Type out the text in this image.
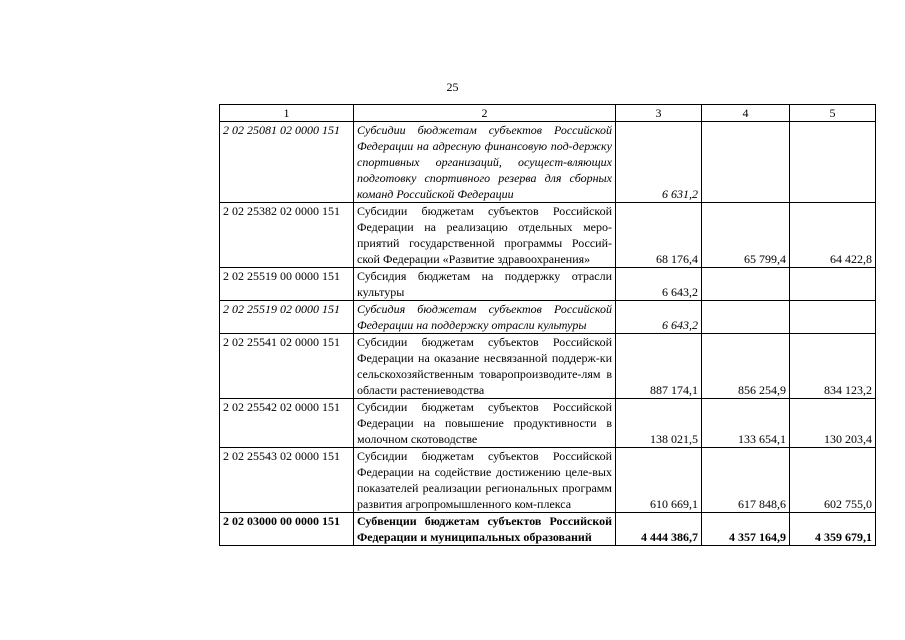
25
1	2	3	4	5
2 02 25081 02 0000 151	Субсидии бюджетам субъектов Российской Федерации на адресную финансовую под-держку спортивных организаций, осущест-вляющих подготовку спортивного резерва для сборных команд Российской Федерации	6 631,2		
2 02 25382 02 0000 151	Субсидии бюджетам субъектов Российской Федерации на реализацию отдельных меро-приятий государственной программы Россий-ской Федерации «Развитие здравоохранения»	68 176,4	65 799,4	64 422,8
2 02 25519 00 0000 151	Субсидия бюджетам на поддержку отрасли культуры	6 643,2		
2 02 25519 02 0000 151	Субсидия бюджетам субъектов Российской Федерации на поддержку отрасли культуры	6 643,2		
2 02 25541 02 0000 151	Субсидии бюджетам субъектов Российской Федерации на оказание несвязанной поддерж-ки сельскохозяйственным товаропроизводите-лям в области растениеводства	887 174,1	856 254,9	834 123,2
2 02 25542 02 0000 151	Субсидии бюджетам субъектов Российской Федерации на повышение продуктивности в молочном скотоводстве	138 021,5	133 654,1	130 203,4
2 02 25543 02 0000 151	Субсидии бюджетам субъектов Российской Федерации на содействие достижению целе-вых показателей реализации региональных программ развития агропромышленного ком-плекса	610 669,1	617 848,6	602 755,0
2 02 03000 00 0000 151	Субвенции бюджетам субъектов Российской Федерации и муниципальных образований	4 444 386,7	4 357 164,9	4 359 679,1
